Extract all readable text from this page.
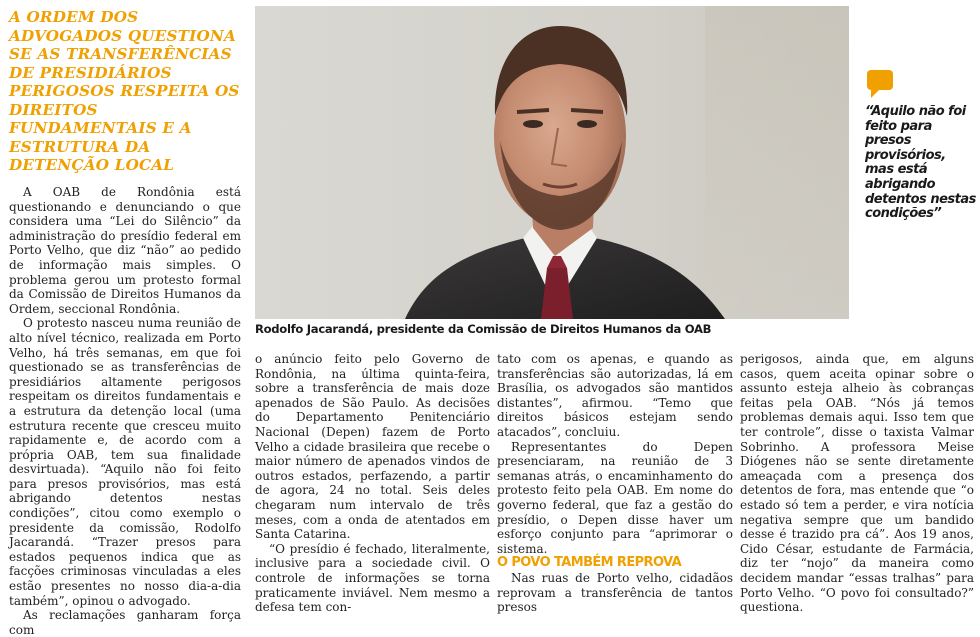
A ORDEM DOS ADVOGADOS QUESTIONA SE AS TRANSFERÊNCIAS DE PRESIDIÁRIOS PERIGOSOS RESPEITA OS DIREITOS FUNDAMENTAIS E A ESTRUTURA DA DETENÇÃO LOCAL

A OAB de Rondônia está questionando e denunciando o que considera uma “Lei do Silêncio” da administração do presídio federal em Porto Velho, que diz “não” ao pedido de informação mais simples. O problema gerou um protesto formal da Comissão de Direitos Humanos da Ordem, seccional Rondônia.

O protesto nasceu numa reunião de alto nível técnico, realizada em Porto Velho, há três semanas, em que foi questionado se as transferências de presidiários altamente perigosos respeitam os direitos fundamentais e a estrutura da detenção local (uma estrutura recente que cresceu muito rapidamente e, de acordo com a própria OAB, tem sua finalidade desvirtuada). “Aquilo não foi feito para presos provisórios, mas está abrigando detentos nestas condições”, citou como exemplo o presidente da comissão, Rodolfo Jacarandá. “Trazer presos para estados pequenos indica que as facções criminosas vinculadas a eles estão presentes no nosso dia-a-dia também”, opinou o advogado.

As reclamações ganharam força com

Rodolfo Jacarandá, presidente da Comissão de Direitos Humanos da OAB

“Aquilo não foi feito para presos provisórios, mas está abrigando detentos nestas condições”

o anúncio feito pelo Governo de Rondônia, na última quinta-feira, sobre a transferência de mais doze apenados de São Paulo. As decisões do Departamento Penitenciário Nacional (Depen) fazem de Porto Velho a cidade brasileira que recebe o maior número de apenados vindos de outros estados, perfazendo, a partir de agora, 24 no total. Seis deles chegaram num intervalo de três meses, com a onda de atentados em Santa Catarina.

“O presídio é fechado, literalmente, inclusive para a sociedade civil. O controle de informações se torna praticamente inviável. Nem mesmo a defesa tem con-

tato com os apenas, e quando as transferências são autorizadas, lá em Brasília, os advogados são mantidos distantes”, afirmou. “Temo que direitos básicos estejam sendo atacados”, concluiu.

Representantes do Depen presenciaram, na reunião de 3 semanas atrás, o encaminhamento do protesto feito pela OAB. Em nome do governo federal, que faz a gestão do presídio, o Depen disse haver um esforço conjunto para “aprimorar o sistema.

O POVO TAMBÉM REPROVA

Nas ruas de Porto velho, cidadãos reprovam a transferência de tantos presos

perigosos, ainda que, em alguns casos, quem aceita opinar sobre o assunto esteja alheio às cobranças feitas pela OAB. “Nós já temos problemas demais aqui. Isso tem que ter controle”, disse o taxista Valmar Sobrinho. A professora Meise Diógenes não se sente diretamente ameaçada com a presença dos detentos de fora, mas entende que “o estado só tem a perder, e vira notícia negativa sempre que um bandido desse é trazido pra cá”. Aos 19 anos, Cido César, estudante de Farmácia, diz ter “nojo” da maneira como decidem mandar “essas tralhas” para Porto Velho. “O povo foi consultado?” questiona.
